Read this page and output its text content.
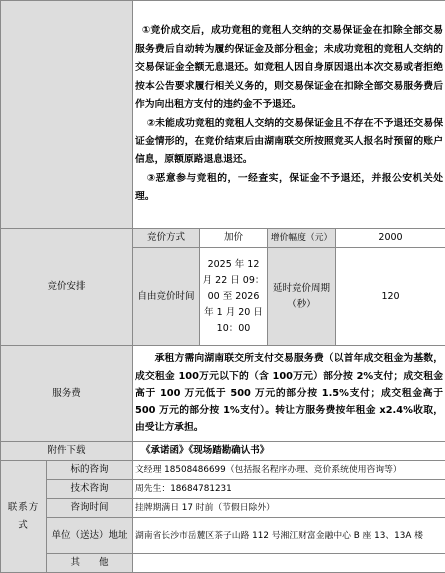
		①竞价成交后，成功竞租的竞租人交纳的交易保证金在扣除全部交易服务费后自动转为履约保证金及部分租金；未成功竞租的竞租人交纳的交易保证金全额无息退还。如竞租人因自身原因退出本次交易或者拒绝按本公告要求履行相关义务的，则交易保证金在扣除全部交易服务费后作为向出租方支付的违约金不予退还。

②未能成功竞租的竞租人交纳的交易保证金且不存在不予退还交易保证金情形的，在竞价结束后由湖南联交所按照竞买人报名时预留的账户信息，原额原路退息退还。

③恶意参与竞租的，一经查实，保证金不予退还，并报公安机关处理。			

竞价安排		竞价方式	加价	增价幅度（元）	2000
		自由竞价时间	2025 年 12 月 22 日 09：00 至 2026 年 1 月 20 日 10：00	延时竞价周期（秒）	120
服务费		承租方需向湖南联交所支付交易服务费（以首年成交租金为基数，成交租金 100万元以下的（含 100万元）部分按 2%支付；成交租金高于 100 万元低于 500 万元的部分按 1.5%支付；成交租金高于 500 万元的部分按 1%支付）。转让方服务费按年租金 x2.4%收取，由受让方承担。			

附件下载		《承诺函》《现场踏勘确认书》			
联系方式	标的咨询	文经理 18508486699（包括报名程序办理、竞价系统使用咨询等）			
	技术咨询	周先生：18684781231			
	咨询时间	挂牌期满日 17 时前（节假日除外）			
	单位（送达）地址	湖南省长沙市岳麓区茶子山路 112 号湘江财富金融中心 B 座 13、13A 楼			
	其　　他				
